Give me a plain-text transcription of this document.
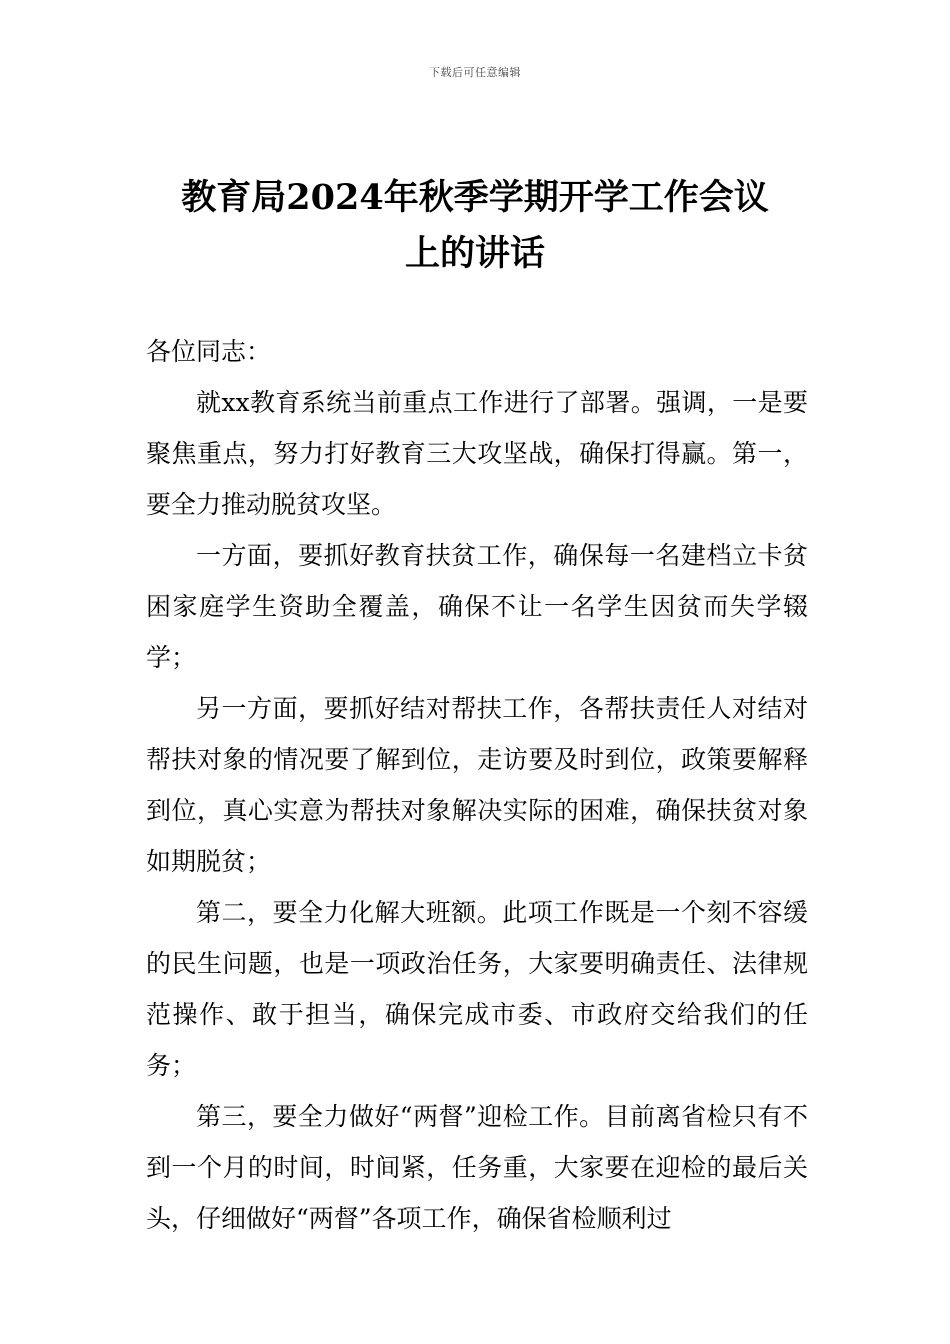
下载后可任意编辑
教育局2024年秋季学期开学工作会议
上的讲话

各位同志：

就xx教育系统当前重点工作进行了部署。强调，一是要聚焦重点，努力打好教育三大攻坚战，确保打得赢。第一，要全力推动脱贫攻坚。

一方面，要抓好教育扶贫工作，确保每一名建档立卡贫困家庭学生资助全覆盖，确保不让一名学生因贫而失学辍学；

另一方面，要抓好结对帮扶工作，各帮扶责任人对结对帮扶对象的情况要了解到位，走访要及时到位，政策要解释到位，真心实意为帮扶对象解决实际的困难，确保扶贫对象如期脱贫；

第二，要全力化解大班额。此项工作既是一个刻不容缓的民生问题，也是一项政治任务，大家要明确责任、法律规范操作、敢于担当，确保完成市委、市政府交给我们的任务；

第三，要全力做好“两督”迎检工作。目前离省检只有不到一个月的时间，时间紧，任务重，大家要在迎检的最后关头，仔细做好“两督”各项工作，确保省检顺利过
